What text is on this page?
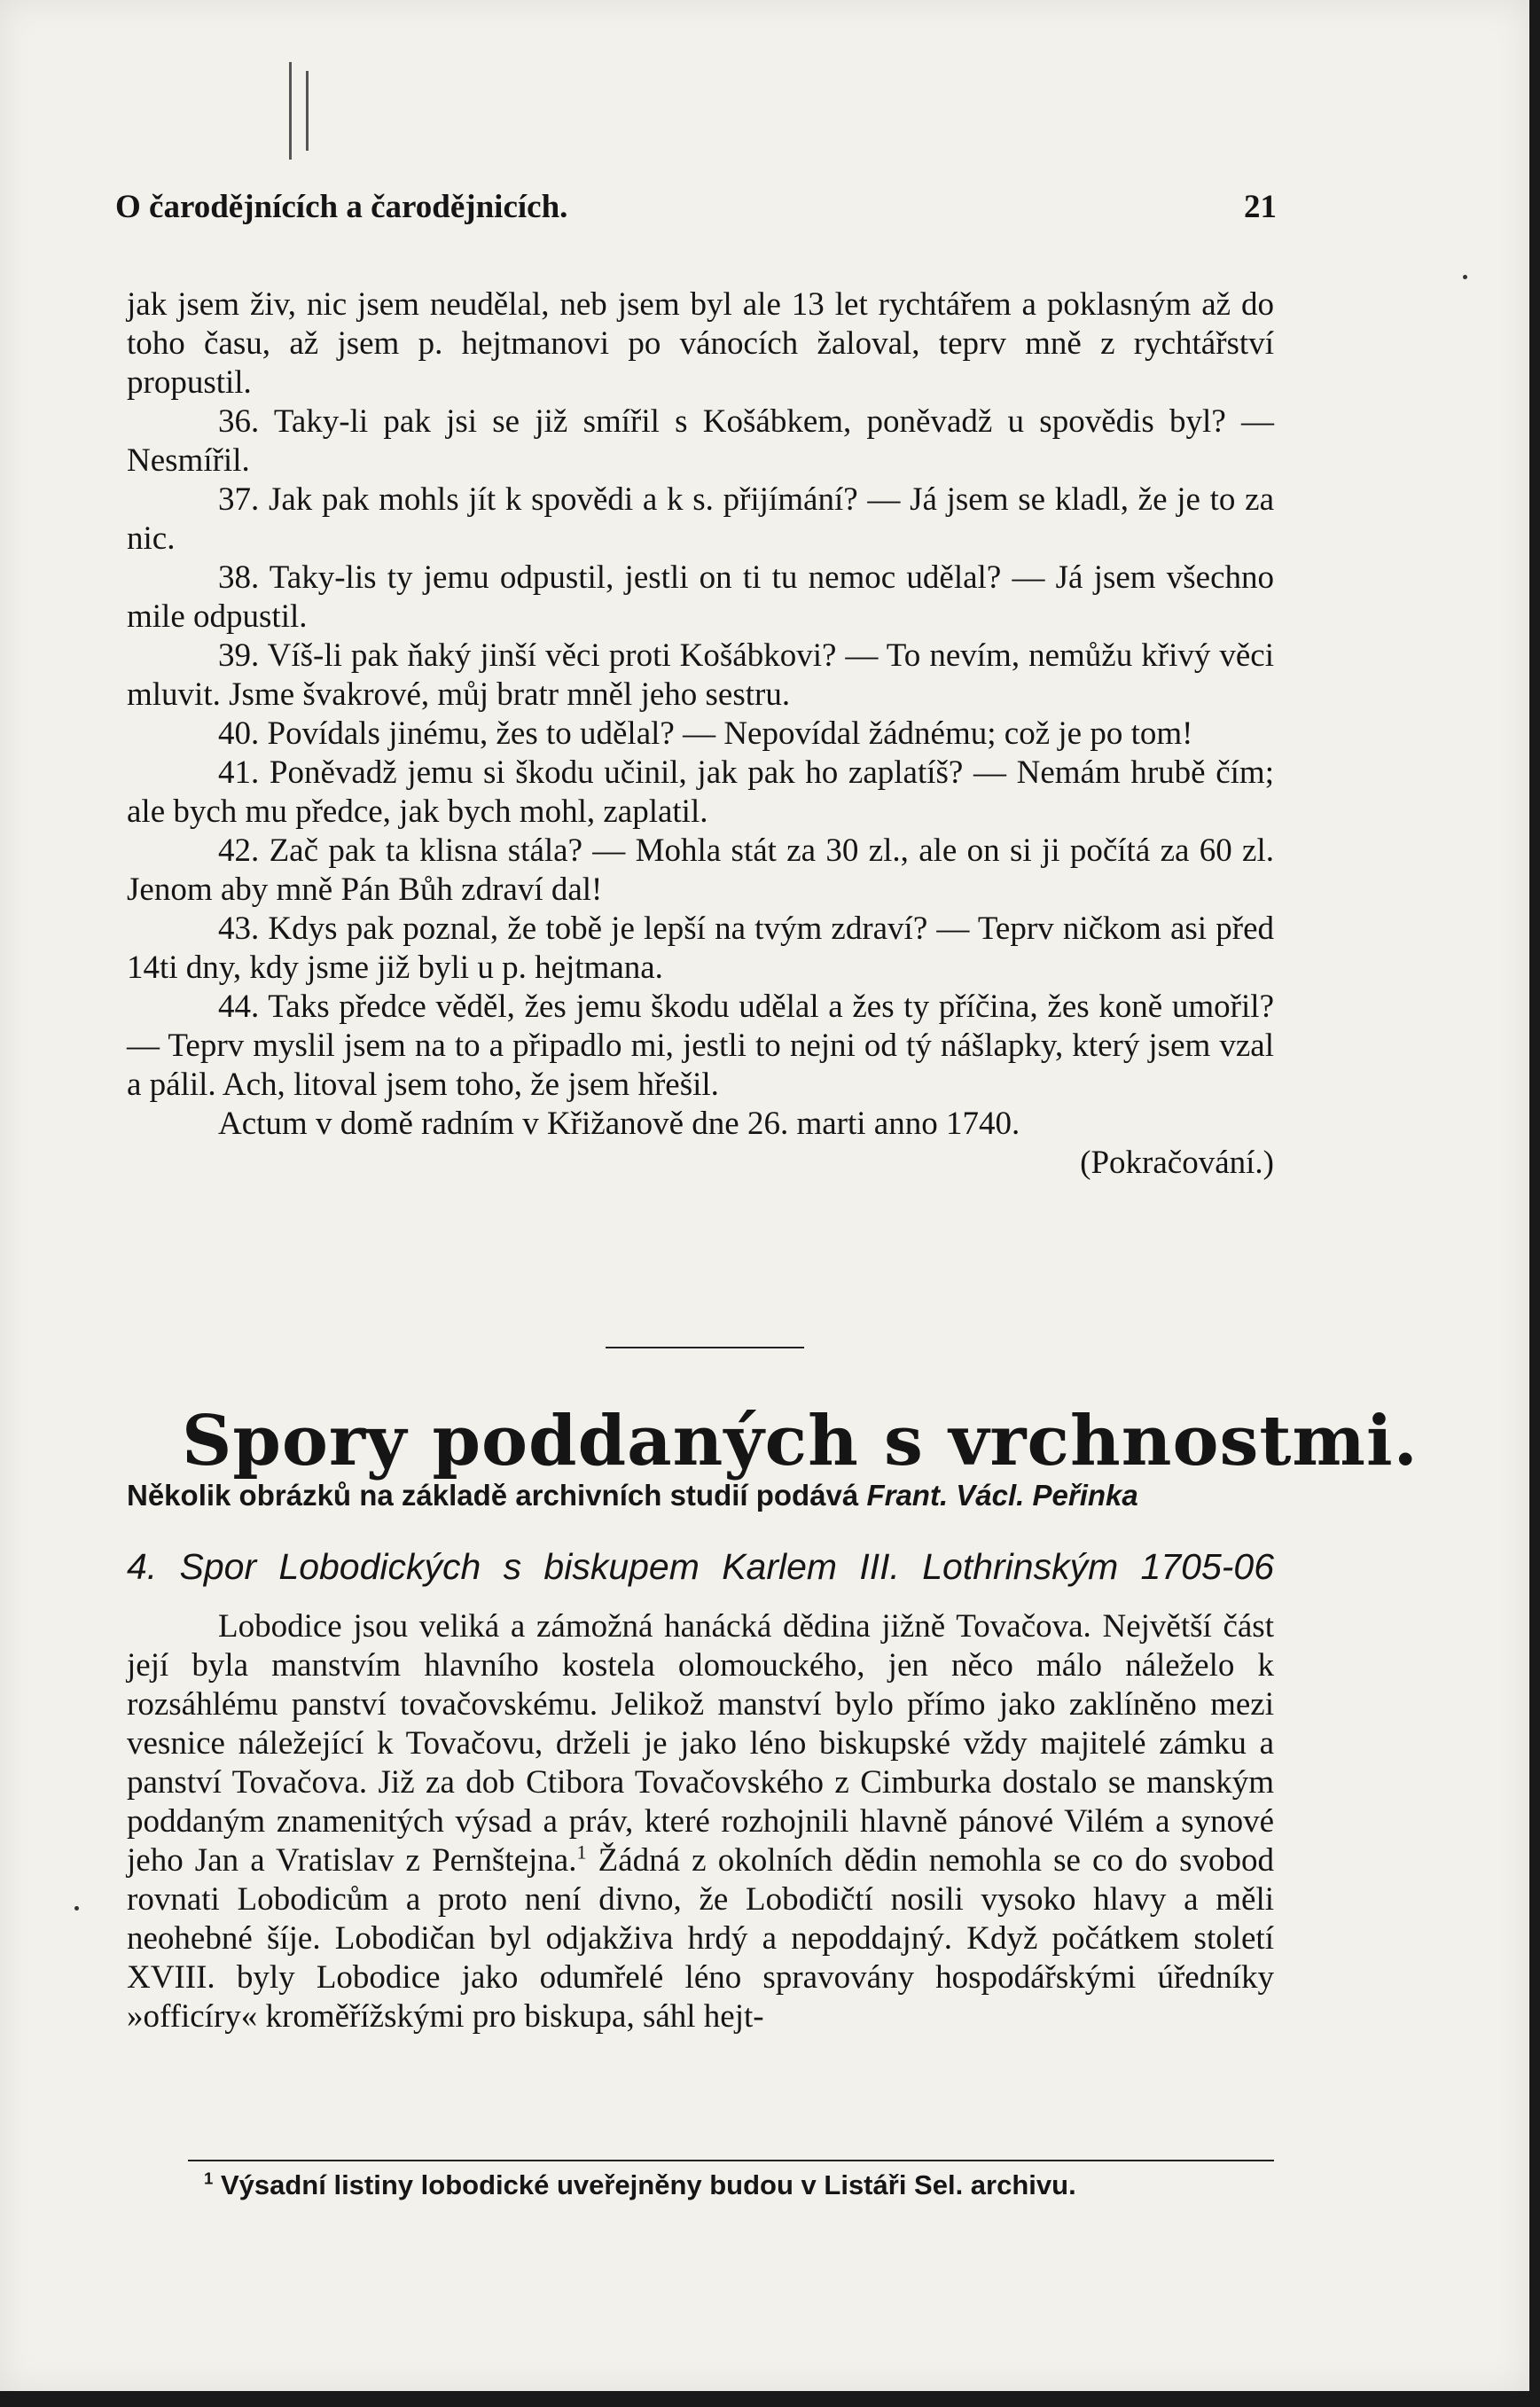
O čarodějnících a čarodějnicích.	21

jak jsem živ, nic jsem neudělal, neb jsem byl ale 13 let rychtářem a poklasným až do toho času, až jsem p. hejtmanovi po vánocích žaloval, teprv mně z rychtářství propustil.

36. Taky-li pak jsi se již smířil s Košábkem, poněvadž u spovědis byl? — Nesmířil.

37. Jak pak mohls jít k spovědi a k s. přijímání? — Já jsem se kladl, že je to za nic.

38. Taky-lis ty jemu odpustil, jestli on ti tu nemoc udělal? — Já jsem všechno mile odpustil.

39. Víš-li pak ňaký jinší věci proti Košábkovi? — To nevím, nemůžu křivý věci mluvit. Jsme švakrové, můj bratr mněl jeho sestru.

40. Povídals jinému, žes to udělal? — Nepovídal žádnému; což je po tom!

41. Poněvadž jemu si škodu učinil, jak pak ho zaplatíš? — Nemám hrubě čím; ale bych mu předce, jak bych mohl, zaplatil.

42. Zač pak ta klisna stála? — Mohla stát za 30 zl., ale on si ji počítá za 60 zl. Jenom aby mně Pán Bůh zdraví dal!

43. Kdys pak poznal, že tobě je lepší na tvým zdraví? — Teprv ničkom asi před 14ti dny, kdy jsme již byli u p. hejtmana.

44. Taks předce věděl, žes jemu škodu udělal a žes ty příčina, žes koně umořil? — Teprv myslil jsem na to a připadlo mi, jestli to nejni od tý nášlapky, který jsem vzal a pálil. Ach, litoval jsem toho, že jsem hřešil.

Actum v domě radním v Křižanově dne 26. marti anno 1740.

(Pokračování.)

Spory poddaných s vrchnostmi.
Několik obrázků na základě archivních studií podává Frant. Václ. Peřinka
4. Spor Lobodických s biskupem Karlem III. Lothrinským 1705-06

Lobodice jsou veliká a zámožná hanácká dědina jižně Tovačova. Největší část její byla manstvím hlavního kostela olomouckého, jen něco málo náleželo k rozsáhlému panství tovačovskému. Jelikož manství bylo přímo jako zaklíněno mezi vesnice náležející k Tovačovu, drželi je jako léno biskupské vždy majitelé zámku a panství Tovačova. Již za dob Ctibora Tovačovského z Cimburka dostalo se manským poddaným znamenitých výsad a práv, které rozhojnili hlavně pánové Vilém a synové jeho Jan a Vratislav z Pernštejna.$^1$ Žádná z okolních dědin nemohla se co do svobod rovnati Lobodicům a proto není divno, že Lobodičtí nosili vysoko hlavy a měli neohebné šíje. Lobodičan byl odjakživa hrdý a nepoddajný. Když počátkem století XVIII. byly Lobodice jako odumřelé léno spravovány hospodářskými úředníky »officíry« kroměřížskými pro biskupa, sáhl hejt-

$^1$ Výsadní listiny lobodické uveřejněny budou v Listáři Sel. archivu.
